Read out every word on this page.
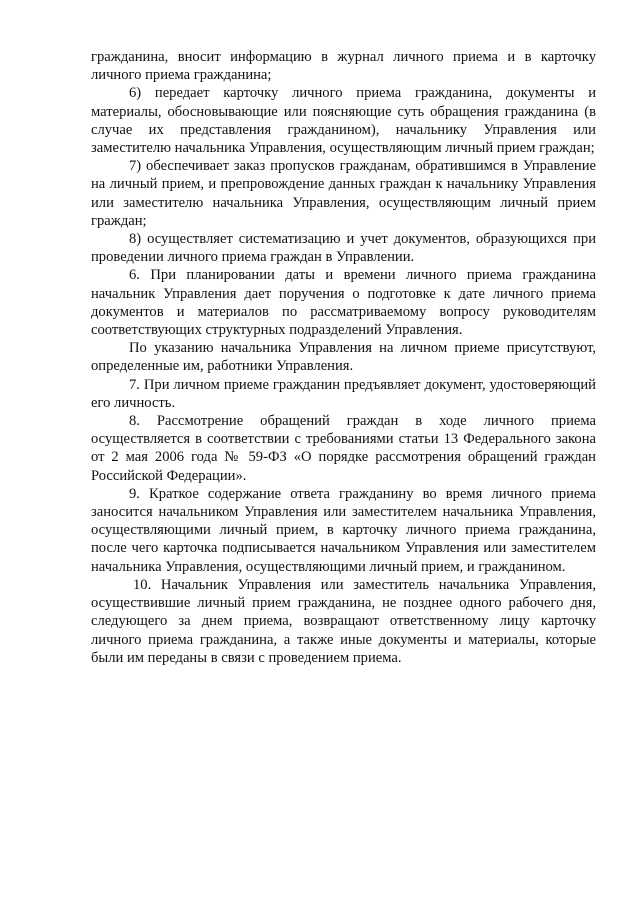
гражданина, вносит информацию в журнал личного приема и в карточку личного приема гражданина;

6) передает карточку личного приема гражданина, документы и материалы, обосновывающие или поясняющие суть обращения гражданина (в случае их представления гражданином), начальнику Управления или заместителю начальника Управления, осуществляющим личный прием граждан;

7) обеспечивает заказ пропусков гражданам, обратившимся в Управление на личный прием, и препровождение данных граждан к начальнику Управления или заместителю начальника Управления, осуществляющим личный прием граждан;

8) осуществляет систематизацию и учет документов, образующихся при проведении личного приема граждан в Управлении.

6. При планировании даты и времени личного приема гражданина начальник Управления дает поручения о подготовке к дате личного приема документов и материалов по рассматриваемому вопросу руководителям соответствующих структурных подразделений Управления.

По указанию начальника Управления на личном приеме присутствуют, определенные им, работники Управления.

7. При личном приеме гражданин предъявляет документ, удостоверяющий его личность.

8. Рассмотрение обращений граждан в ходе личного приема осуществляется в соответствии с требованиями статьи 13 Федерального закона от 2 мая 2006 года № 59-ФЗ «О порядке рассмотрения обращений граждан Российской Федерации».

9. Краткое содержание ответа гражданину во время личного приема заносится начальником Управления или заместителем начальника Управления, осуществляющими личный прием, в карточку личного приема гражданина, после чего карточка подписывается начальником Управления или заместителем начальника Управления, осуществляющими личный прием, и гражданином.

10. Начальник Управления или заместитель начальника Управления, осуществившие личный прием гражданина, не позднее одного рабочего дня, следующего за днем приема, возвращают ответственному лицу карточку личного приема гражданина, а также иные документы и материалы, которые были им переданы в связи с проведением приема.
